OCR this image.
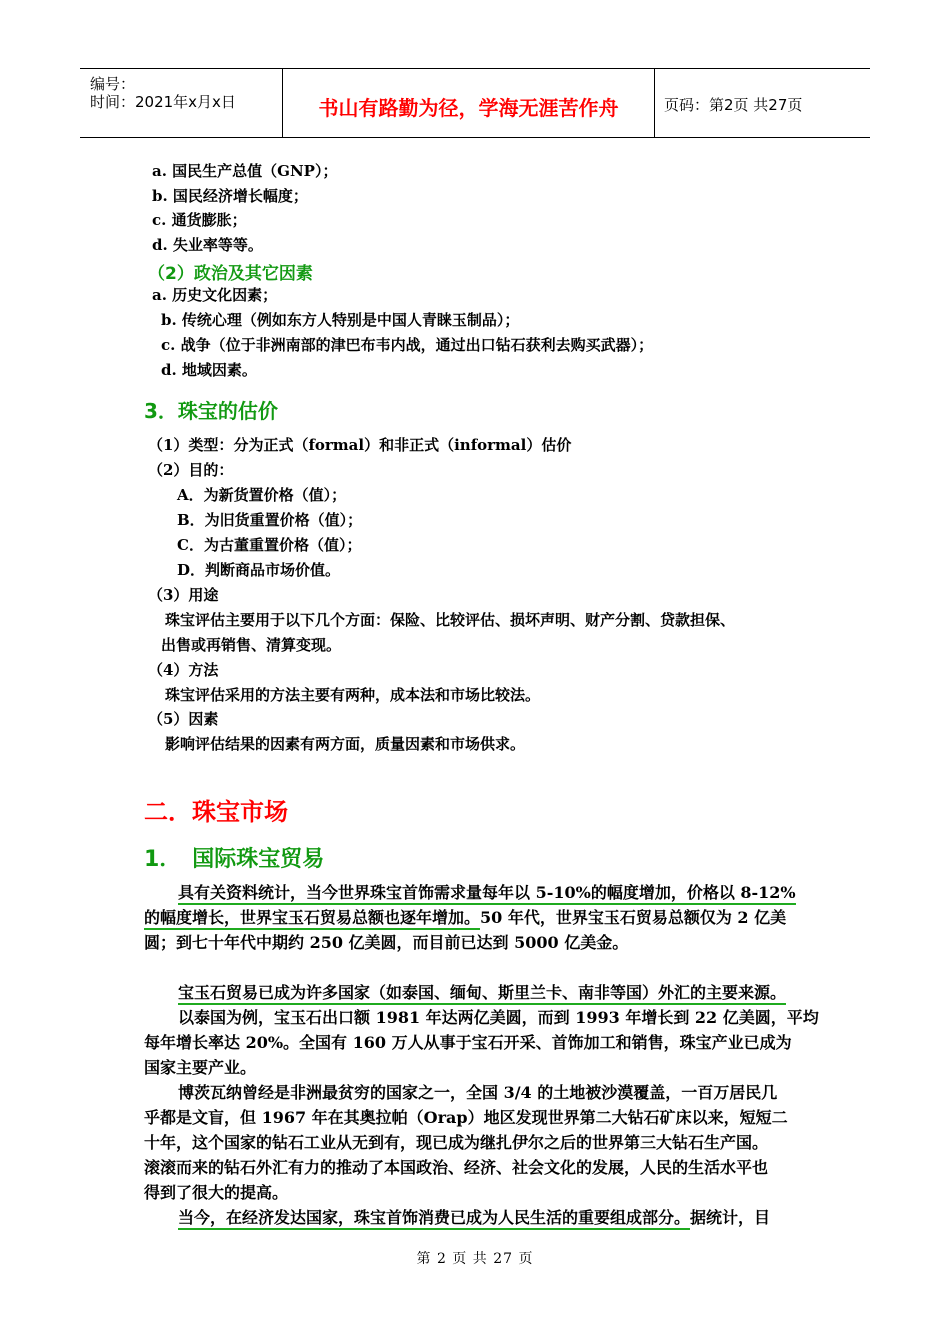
编号：
时间：2021年x月x日	书山有路勤为径，学海无涯苦作舟	页码：第2页 共27页
a. 国民生产总值（GNP）；
b. 国民经济增长幅度；
c. 通货膨胀；
d. 失业率等等。
（2）政治及其它因素
a. 历史文化因素；
b. 传统心理（例如东方人特别是中国人青睐玉制品）；
c. 战争（位于非洲南部的津巴布韦内战，通过出口钻石获利去购买武器）；
d. 地域因素。
3．珠宝的估价
（1）类型：分为正式（formal）和非正式（informal）估价
（2）目的：
A．为新货置价格（值）；
B．为旧货重置价格（值）；
C．为古董重置价格（值）；
D．判断商品市场价值。
（3）用途
珠宝评估主要用于以下几个方面：保险、比较评估、损坏声明、财产分割、贷款担保、
出售或再销售、清算变现。
（4）方法
珠宝评估采用的方法主要有两种，成本法和市场比较法。
（5）因素
影响评估结果的因素有两方面，质量因素和市场供求。
二．珠宝市场
1．　国际珠宝贸易
具有关资料统计，当今世界珠宝首饰需求量每年以 5-10%的幅度增加，价格以 8-12%
的幅度增长，世界宝玉石贸易总额也逐年增加。50 年代，世界宝玉石贸易总额仅为 2 亿美
圆；到七十年代中期约 250 亿美圆，而目前已达到 5000 亿美金。
宝玉石贸易已成为许多国家（如泰国、缅甸、斯里兰卡、南非等国）外汇的主要来源。
以泰国为例，宝玉石出口额 1981 年达两亿美圆，而到 1993 年增长到 22 亿美圆，平均
每年增长率达 20%。全国有 160 万人从事于宝石开采、首饰加工和销售，珠宝产业已成为
国家主要产业。
博茨瓦纳曾经是非洲最贫穷的国家之一，全国 3/4 的土地被沙漠覆盖，一百万居民几
乎都是文盲，但 1967 年在其奥拉帕（Orap）地区发现世界第二大钻石矿床以来，短短二
十年，这个国家的钻石工业从无到有，现已成为继扎伊尔之后的世界第三大钻石生产国。
滚滚而来的钻石外汇有力的推动了本国政治、经济、社会文化的发展，人民的生活水平也
得到了很大的提高。
当今，在经济发达国家，珠宝首饰消费已成为人民生活的重要组成部分。据统计，目
第 2 页 共 27 页
